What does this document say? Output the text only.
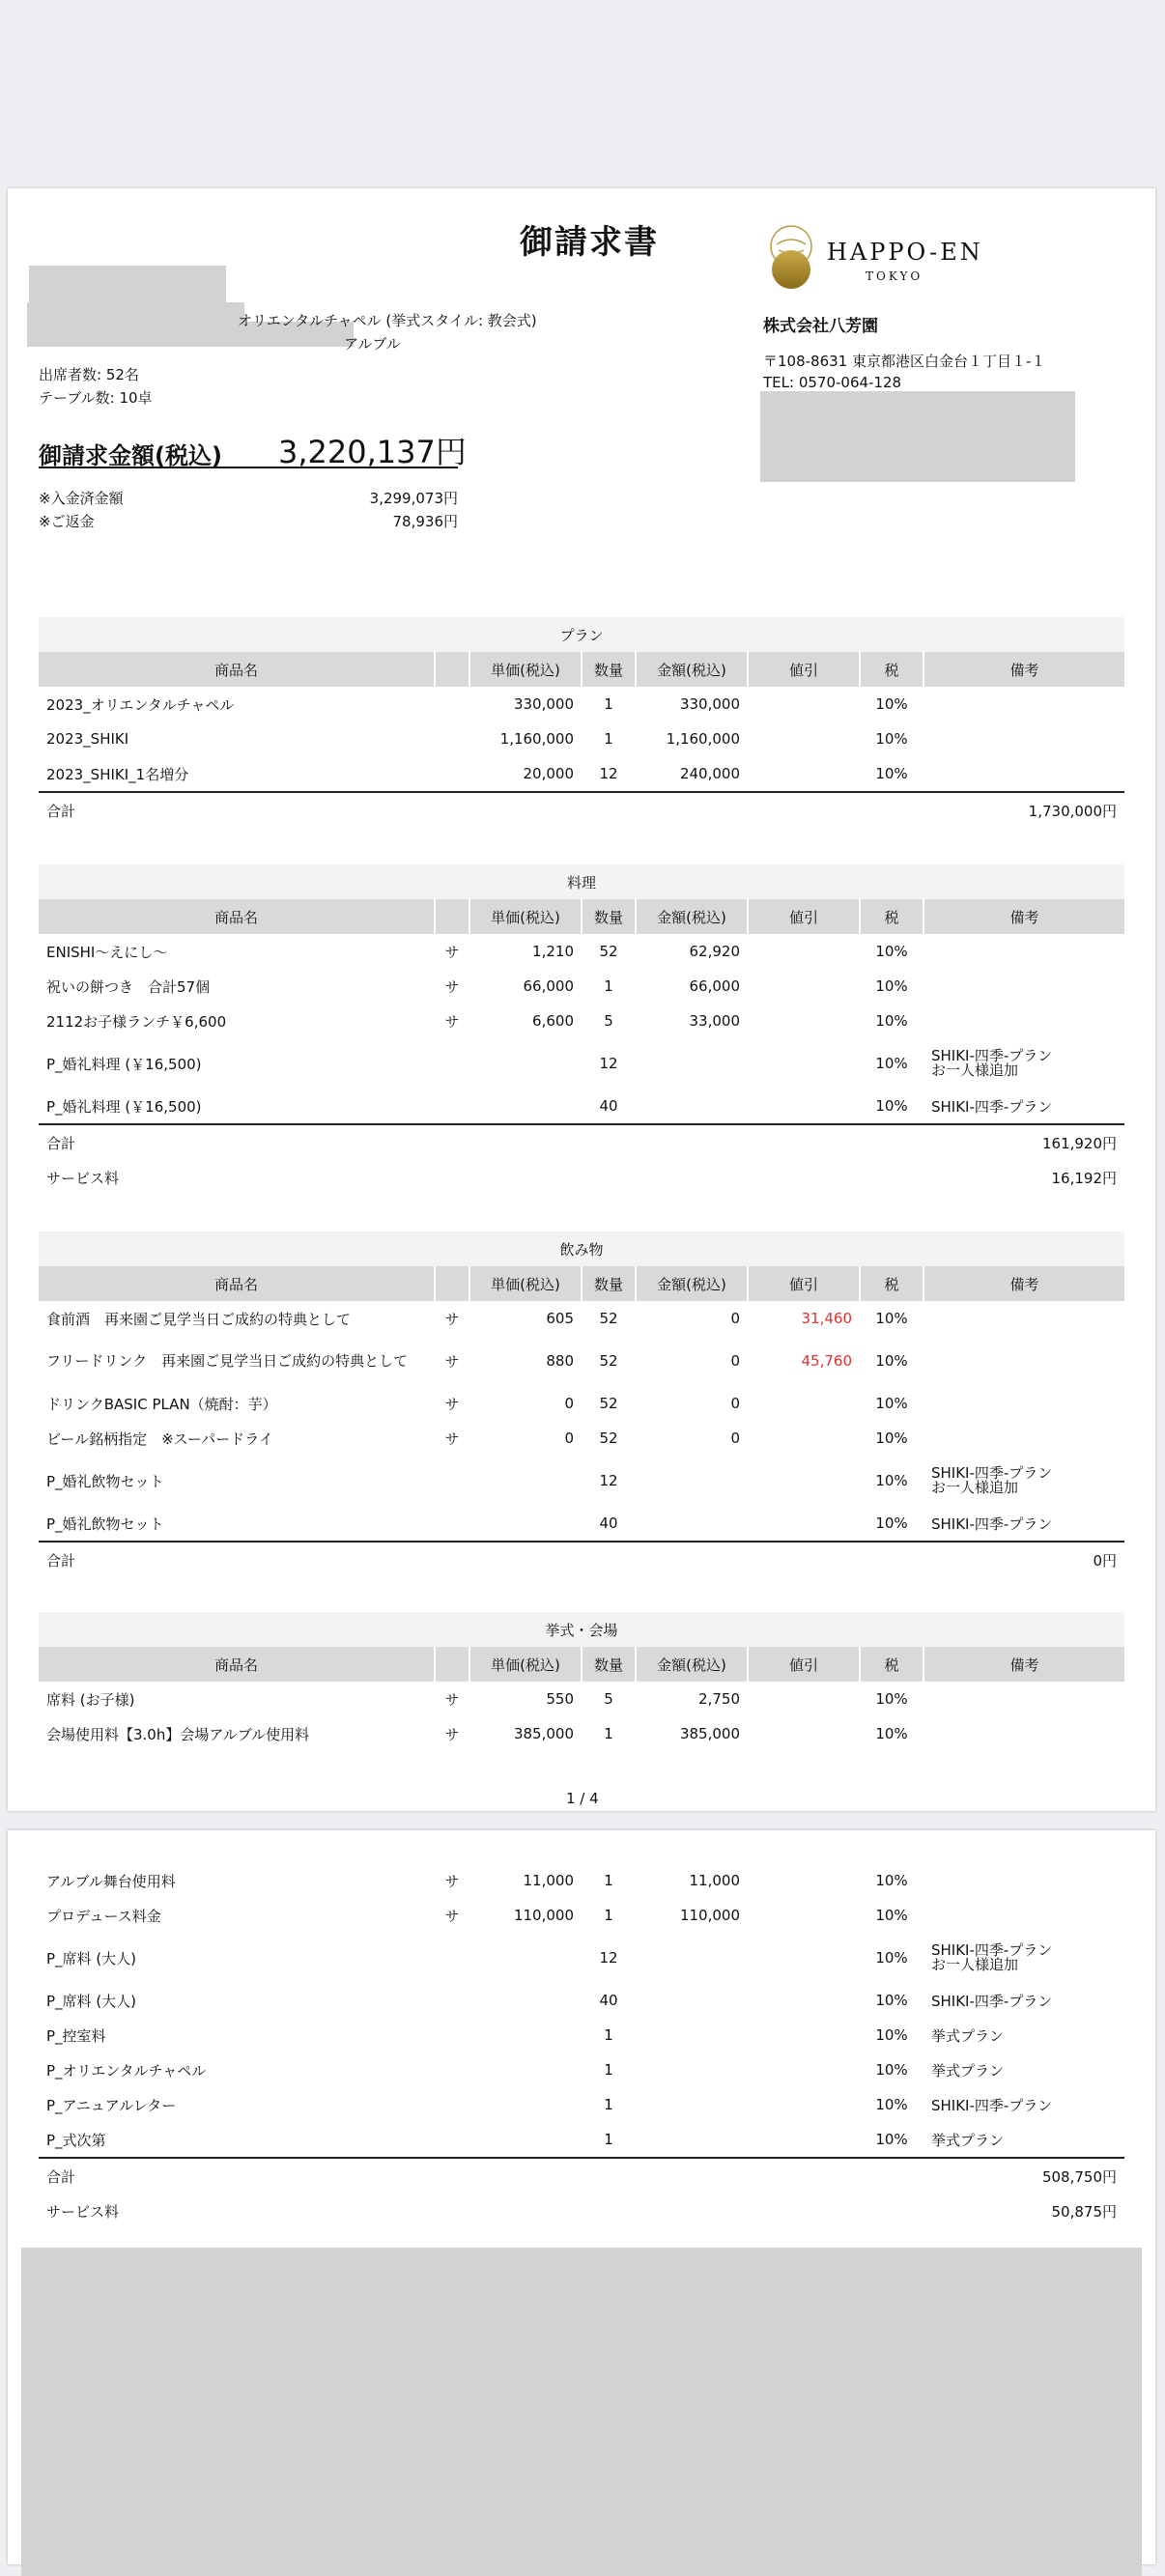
御請求書
オリエンタルチャペル (挙式スタイル: 教会式)
アルブル
出席者数: 52名
テーブル数: 10卓
御請求金額(税込) 3,220,137円
※入金済金額	3,299,073円
※ご返金	78,936円
HAPPO-EN
TOKYO
株式会社八芳園
〒108-8631 東京都港区白金台１丁目１-１
TEL: 0570-064-128
プラン							
商品名		単価(税込)	数量	金額(税込)	値引	税	備考
2023_オリエンタルチャペル		330,000	1	330,000		10%	
2023_SHIKI		1,160,000	1	1,160,000		10%	
2023_SHIKI_1名増分		20,000	12	240,000		10%	
合計	1,730,000円						
料理							
商品名		単価(税込)	数量	金額(税込)	値引	税	備考
ENISHI〜えにし〜	サ	1,210	52	62,920		10%	
祝いの餅つき　合計57個	サ	66,000	1	66,000		10%	
2112お子様ランチ￥6,600	サ	6,600	5	33,000		10%	
P_婚礼料理 (￥16,500)			12			10%	SHIKI-四季-プラン
お一人様追加

P_婚礼料理 (￥16,500)			40			10%	SHIKI-四季-プラン
合計	161,920円						
サービス料	16,192円						
飲み物							
商品名		単価(税込)	数量	金額(税込)	値引	税	備考
食前酒　再来園ご見学当日ご成約の特典として	サ	605	52	0	31,460	10%	
フリードリンク　再来園ご見学当日ご成約の特典として	サ	880	52	0	45,760	10%	
ドリンクBASIC PLAN（焼酎：芋）	サ	0	52	0		10%	
ビール銘柄指定　※スーパードライ	サ	0	52	0		10%	
P_婚礼飲物セット			12			10%	SHIKI-四季-プラン
お一人様追加

P_婚礼飲物セット			40			10%	SHIKI-四季-プラン
合計	0円						
挙式・会場							
商品名		単価(税込)	数量	金額(税込)	値引	税	備考
席料 (お子様)	サ	550	5	2,750		10%	
会場使用料【3.0h】会場アルブル使用料	サ	385,000	1	385,000		10%	
1 / 4
アルブル舞台使用料	サ	11,000	1	11,000		10%	
プロデュース料金	サ	110,000	1	110,000		10%	
P_席料 (大人)			12			10%	SHIKI-四季-プラン
お一人様追加

P_席料 (大人)			40			10%	SHIKI-四季-プラン
P_控室料			1			10%	挙式プラン
P_オリエンタルチャペル			1			10%	挙式プラン
P_アニュアルレター			1			10%	SHIKI-四季-プラン
P_式次第			1			10%	挙式プラン
合計	508,750円						
サービス料	50,875円						
